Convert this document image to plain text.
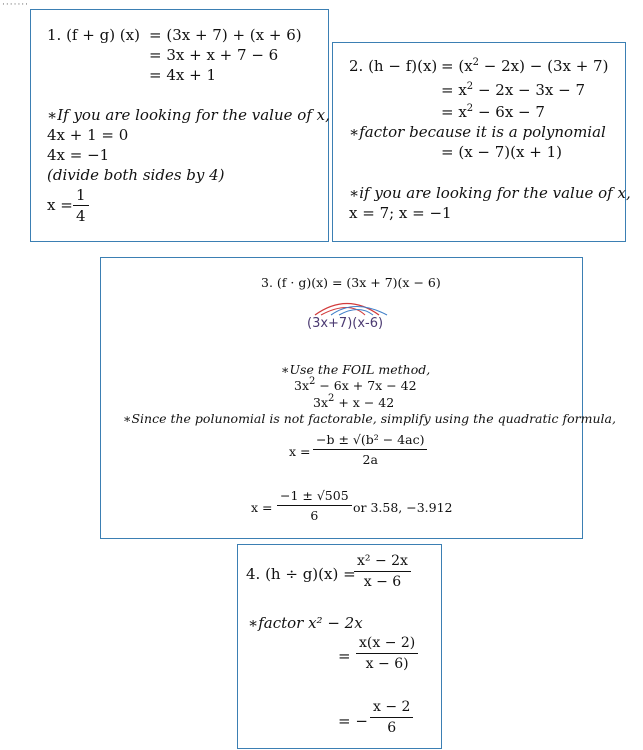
·······
1. (f + g) (x) = (3x + 7) + (x + 6)
= 3x + x + 7 − 6
= 4x + 1
∗If you are looking for the value of x,
4x + 1 = 0
4x = −1
(divide both sides by 4)
$x = \frac{1}{4}$
2. $(h - f)(x) = (x^2 - 2x) - (3x + 7)$
= $x^2 - 2x - 3x - 7$
= $x^2 - 6x - 7$
∗factor because it is a polynomial
= (x − 7)(x + 1)
∗if you are looking for the value of x,
x = 7; x = −1
3. (f · g)(x) = (3x + 7)(x − 6)
(3x+7)(x-6)
∗Use the FOIL method,
$3x^2 - 6x + 7x - 42$
$3x^2 + x - 42$
∗Since the polunomial is not factorable, simplify using the quadratic formula,
$x = \frac{\text{−b ± √(b² − 4ac)}}{2a}$
$x = \frac{-1 \pm √505}{6}$ or 3.58, −3.912
4. (h ÷ g)(x) =
$\frac{\text{x² − 2x}}{x - 6}$
∗factor x² − 2x
= $\frac{x(x - 2)}{x - 6)}$
= − $\frac{x - 2}{6}$
